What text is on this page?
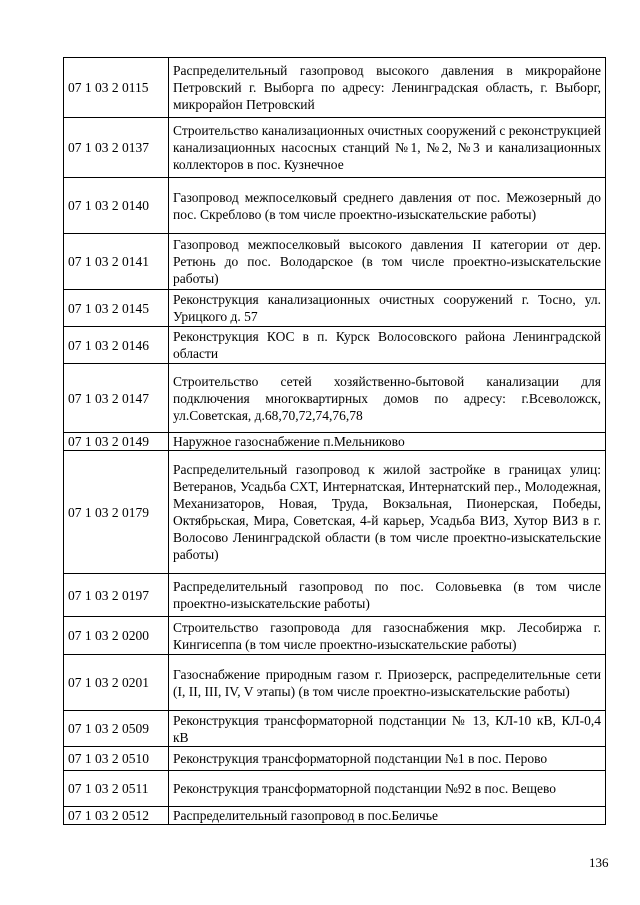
07 1 03 2 0115	Распределительный газопровод высокого давления в микрорайоне Петровский г. Выборга по адресу: Ленинградская область, г. Выборг, микрорайон Петровский
07 1 03 2 0137	Строительство канализационных очистных сооружений с реконструкцией канализационных насосных станций №1, №2, №3 и канализационных коллекторов в пос. Кузнечное
07 1 03 2 0140	Газопровод межпоселковый среднего давления от пос. Межозерный до пос. Скреблово (в том числе проектно-изыскательские работы)
07 1 03 2 0141	Газопровод межпоселковый высокого давления II категории от дер. Ретюнь до пос. Володарское (в том числе проектно-изыскательские работы)
07 1 03 2 0145	Реконструкция канализационных очистных сооружений г. Тосно, ул. Урицкого д. 57
07 1 03 2 0146	Реконструкция КОС в п. Курск Волосовского района Ленинградской области
07 1 03 2 0147	Строительство сетей хозяйственно-бытовой канализации для подключения многоквартирных домов по адресу: г.Всеволожск, ул.Советская, д.68,70,72,74,76,78
07 1 03 2 0149	Наружное газоснабжение п.Мельниково
07 1 03 2 0179	Распределительный газопровод к жилой застройке в границах улиц: Ветеранов, Усадьба СХТ, Интернатская, Интернатский пер., Молодежная, Механизаторов, Новая, Труда, Вокзальная, Пионерская, Победы, Октябрьская, Мира, Советская, 4-й карьер, Усадьба ВИЗ, Хутор ВИЗ в г. Волосово Ленинградской области (в том числе проектно-изыскательские работы)
07 1 03 2 0197	Распределительный газопровод по пос. Соловьевка (в том числе проектно-изыскательские работы)
07 1 03 2 0200	Строительство газопровода для газоснабжения мкр. Лесобиржа г. Кингисеппа (в том числе проектно-изыскательские работы)
07 1 03 2 0201	Газоснабжение природным газом г. Приозерск, распределительные сети (I, II, III, IV, V этапы) (в том числе проектно-изыскательские работы)
07 1 03 2 0509	Реконструкция трансформаторной подстанции № 13, КЛ-10 кВ, КЛ-0,4 кВ
07 1 03 2 0510	Реконструкция трансформаторной подстанции №1 в пос. Перово
07 1 03 2 0511	Реконструкция трансформаторной подстанции №92 в пос. Вещево
07 1 03 2 0512	Распределительный газопровод в пос.Беличье
136
